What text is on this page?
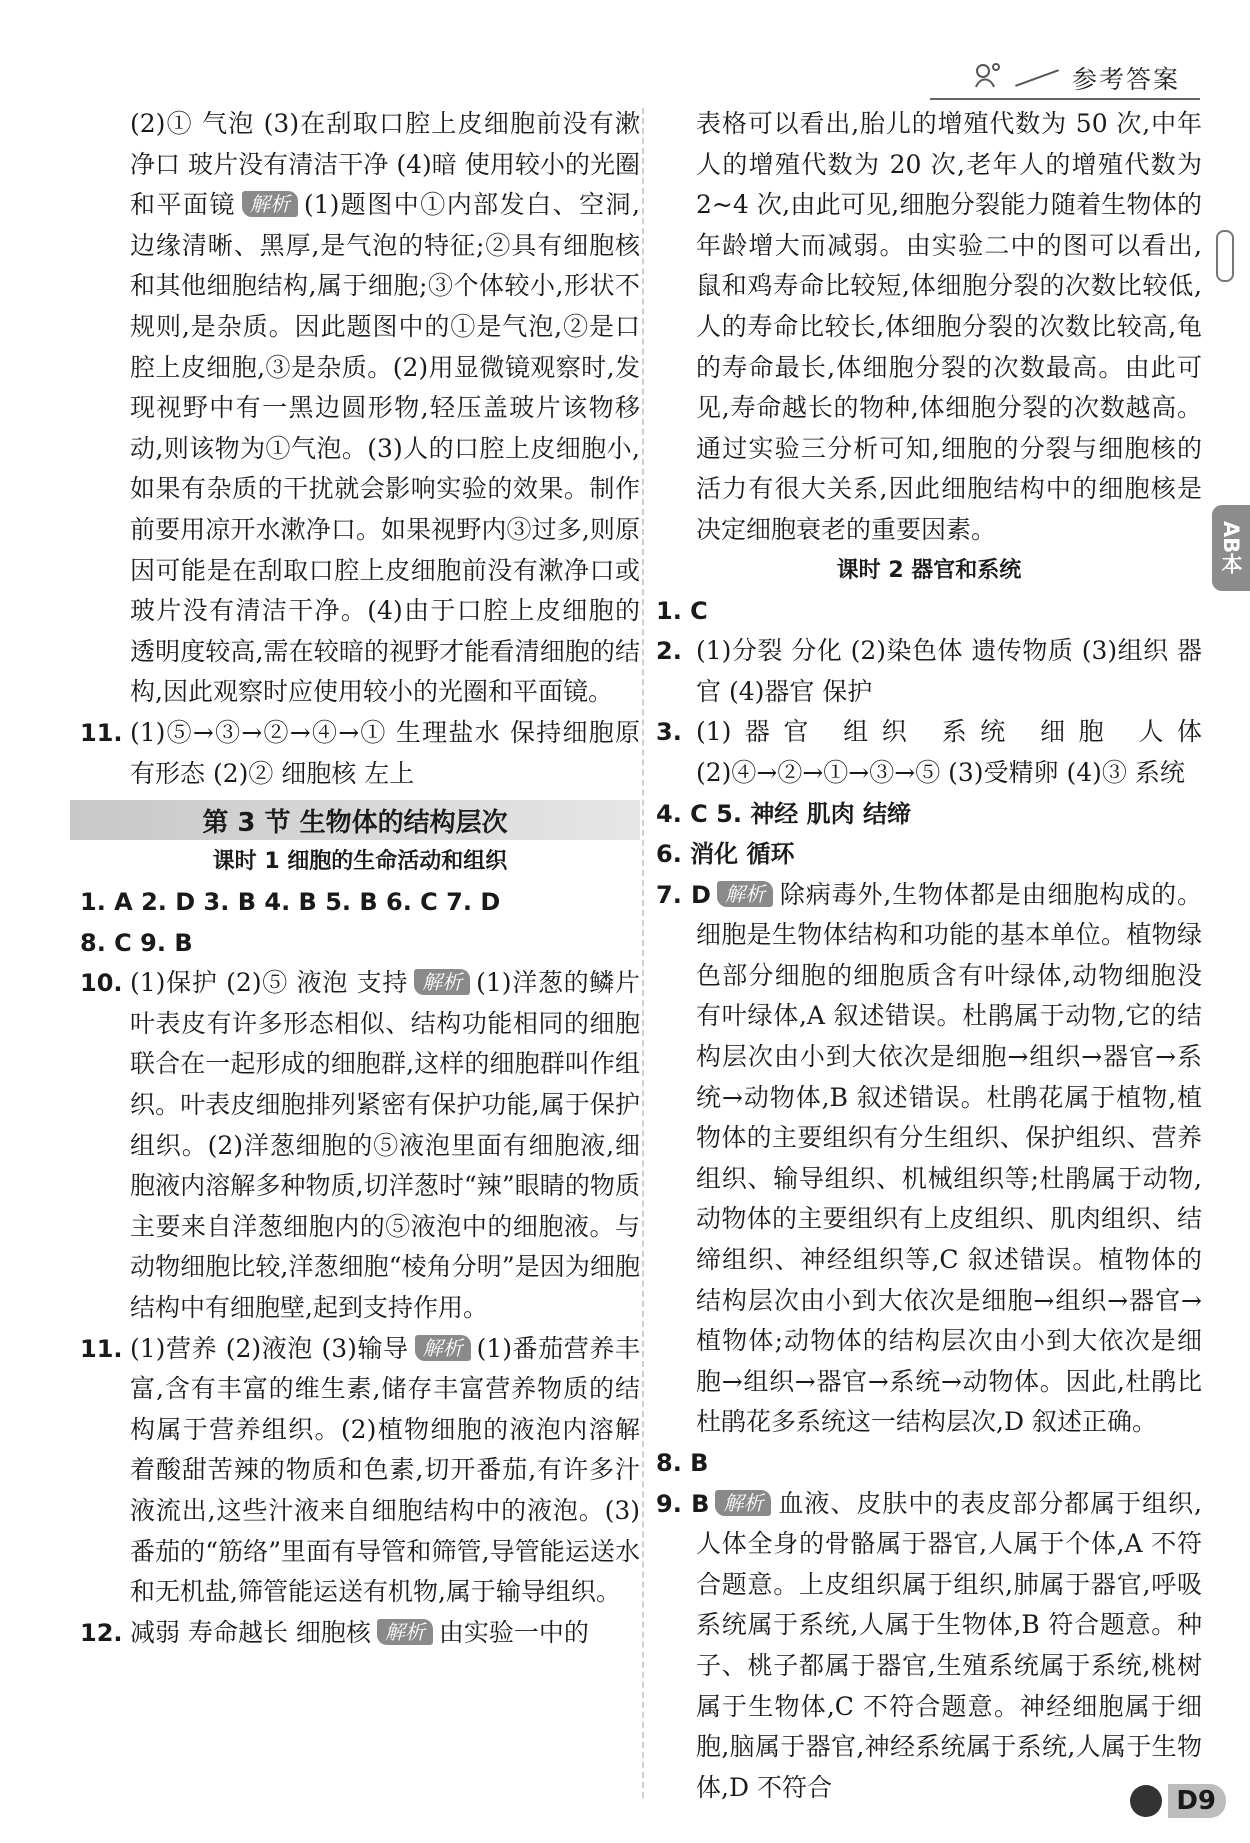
参考答案
AB本

(2)① 气泡 (3)在刮取口腔上皮细胞前没有漱净口 玻片没有清洁干净 (4)暗 使用较小的光圈和平面镜 解析 (1)题图中①内部发白、空洞,边缘清晰、黑厚,是气泡的特征;②具有细胞核和其他细胞结构,属于细胞;③个体较小,形状不规则,是杂质。因此题图中的①是气泡,②是口腔上皮细胞,③是杂质。(2)用显微镜观察时,发现视野中有一黑边圆形物,轻压盖玻片该物移动,则该物为①气泡。(3)人的口腔上皮细胞小,如果有杂质的干扰就会影响实验的效果。制作前要用凉开水漱净口。如果视野内③过多,则原因可能是在刮取口腔上皮细胞前没有漱净口或玻片没有清洁干净。(4)由于口腔上皮细胞的透明度较高,需在较暗的视野才能看清细胞的结构,因此观察时应使用较小的光圈和平面镜。

11. (1)⑤→③→②→④→① 生理盐水 保持细胞原有形态 (2)② 细胞核 左上
第 3 节 生物体的结构层次
课时 1 细胞的生命活动和组织

1. A 2. D 3. B 4. B 5. B 6. C 7. D

8. C 9. B

10. (1)保护 (2)⑤ 液泡 支持 解析 (1)洋葱的鳞片叶表皮有许多形态相似、结构功能相同的细胞联合在一起形成的细胞群,这样的细胞群叫作组织。叶表皮细胞排列紧密有保护功能,属于保护组织。(2)洋葱细胞的⑤液泡里面有细胞液,细胞液内溶解多种物质,切洋葱时“辣”眼睛的物质主要来自洋葱细胞内的⑤液泡中的细胞液。与动物细胞比较,洋葱细胞“棱角分明”是因为细胞结构中有细胞壁,起到支持作用。
11. (1)营养 (2)液泡 (3)输导 解析 (1)番茄营养丰富,含有丰富的维生素,储存丰富营养物质的结构属于营养组织。(2)植物细胞的液泡内溶解着酸甜苦辣的物质和色素,切开番茄,有许多汁液流出,这些汁液来自细胞结构中的液泡。(3)番茄的“筋络”里面有导管和筛管,导管能运送水和无机盐,筛管能运送有机物,属于输导组织。
12. 减弱 寿命越长 细胞核 解析 由实验一中的

表格可以看出,胎儿的增殖代数为 50 次,中年人的增殖代数为 20 次,老年人的增殖代数为 2~4 次,由此可见,细胞分裂能力随着生物体的年龄增大而减弱。由实验二中的图可以看出,鼠和鸡寿命比较短,体细胞分裂的次数比较低,人的寿命比较长,体细胞分裂的次数比较高,龟的寿命最长,体细胞分裂的次数最高。由此可见,寿命越长的物种,体细胞分裂的次数越高。通过实验三分析可知,细胞的分裂与细胞核的活力有很大关系,因此细胞结构中的细胞核是决定细胞衰老的重要因素。

课时 2 器官和系统

1. C

2. (1)分裂 分化 (2)染色体 遗传物质 (3)组织 器官 (4)器官 保护
3. (1)器官 组织 系统 细胞 人体 (2)④→②→①→③→⑤ (3)受精卵 (4)③ 系统

4. C 5. 神经 肌肉 结缔

6. 消化 循环

7. D 解析 除病毒外,生物体都是由细胞构成的。细胞是生物体结构和功能的基本单位。植物绿色部分细胞的细胞质含有叶绿体,动物细胞没有叶绿体,A 叙述错误。杜鹃属于动物,它的结构层次由小到大依次是细胞→组织→器官→系统→动物体,B 叙述错误。杜鹃花属于植物,植物体的主要组织有分生组织、保护组织、营养组织、输导组织、机械组织等;杜鹃属于动物,动物体的主要组织有上皮组织、肌肉组织、结缔组织、神经组织等,C 叙述错误。植物体的结构层次由小到大依次是细胞→组织→器官→植物体;动物体的结构层次由小到大依次是细胞→组织→器官→系统→动物体。因此,杜鹃比杜鹃花多系统这一结构层次,D 叙述正确。

8. B

9. B 解析 血液、皮肤中的表皮部分都属于组织,人体全身的骨骼属于器官,人属于个体,A 不符合题意。上皮组织属于组织,肺属于器官,呼吸系统属于系统,人属于生物体,B 符合题意。种子、桃子都属于器官,生殖系统属于系统,桃树属于生物体,C 不符合题意。神经细胞属于细胞,脑属于器官,神经系统属于系统,人属于生物体,D 不符合	D9
